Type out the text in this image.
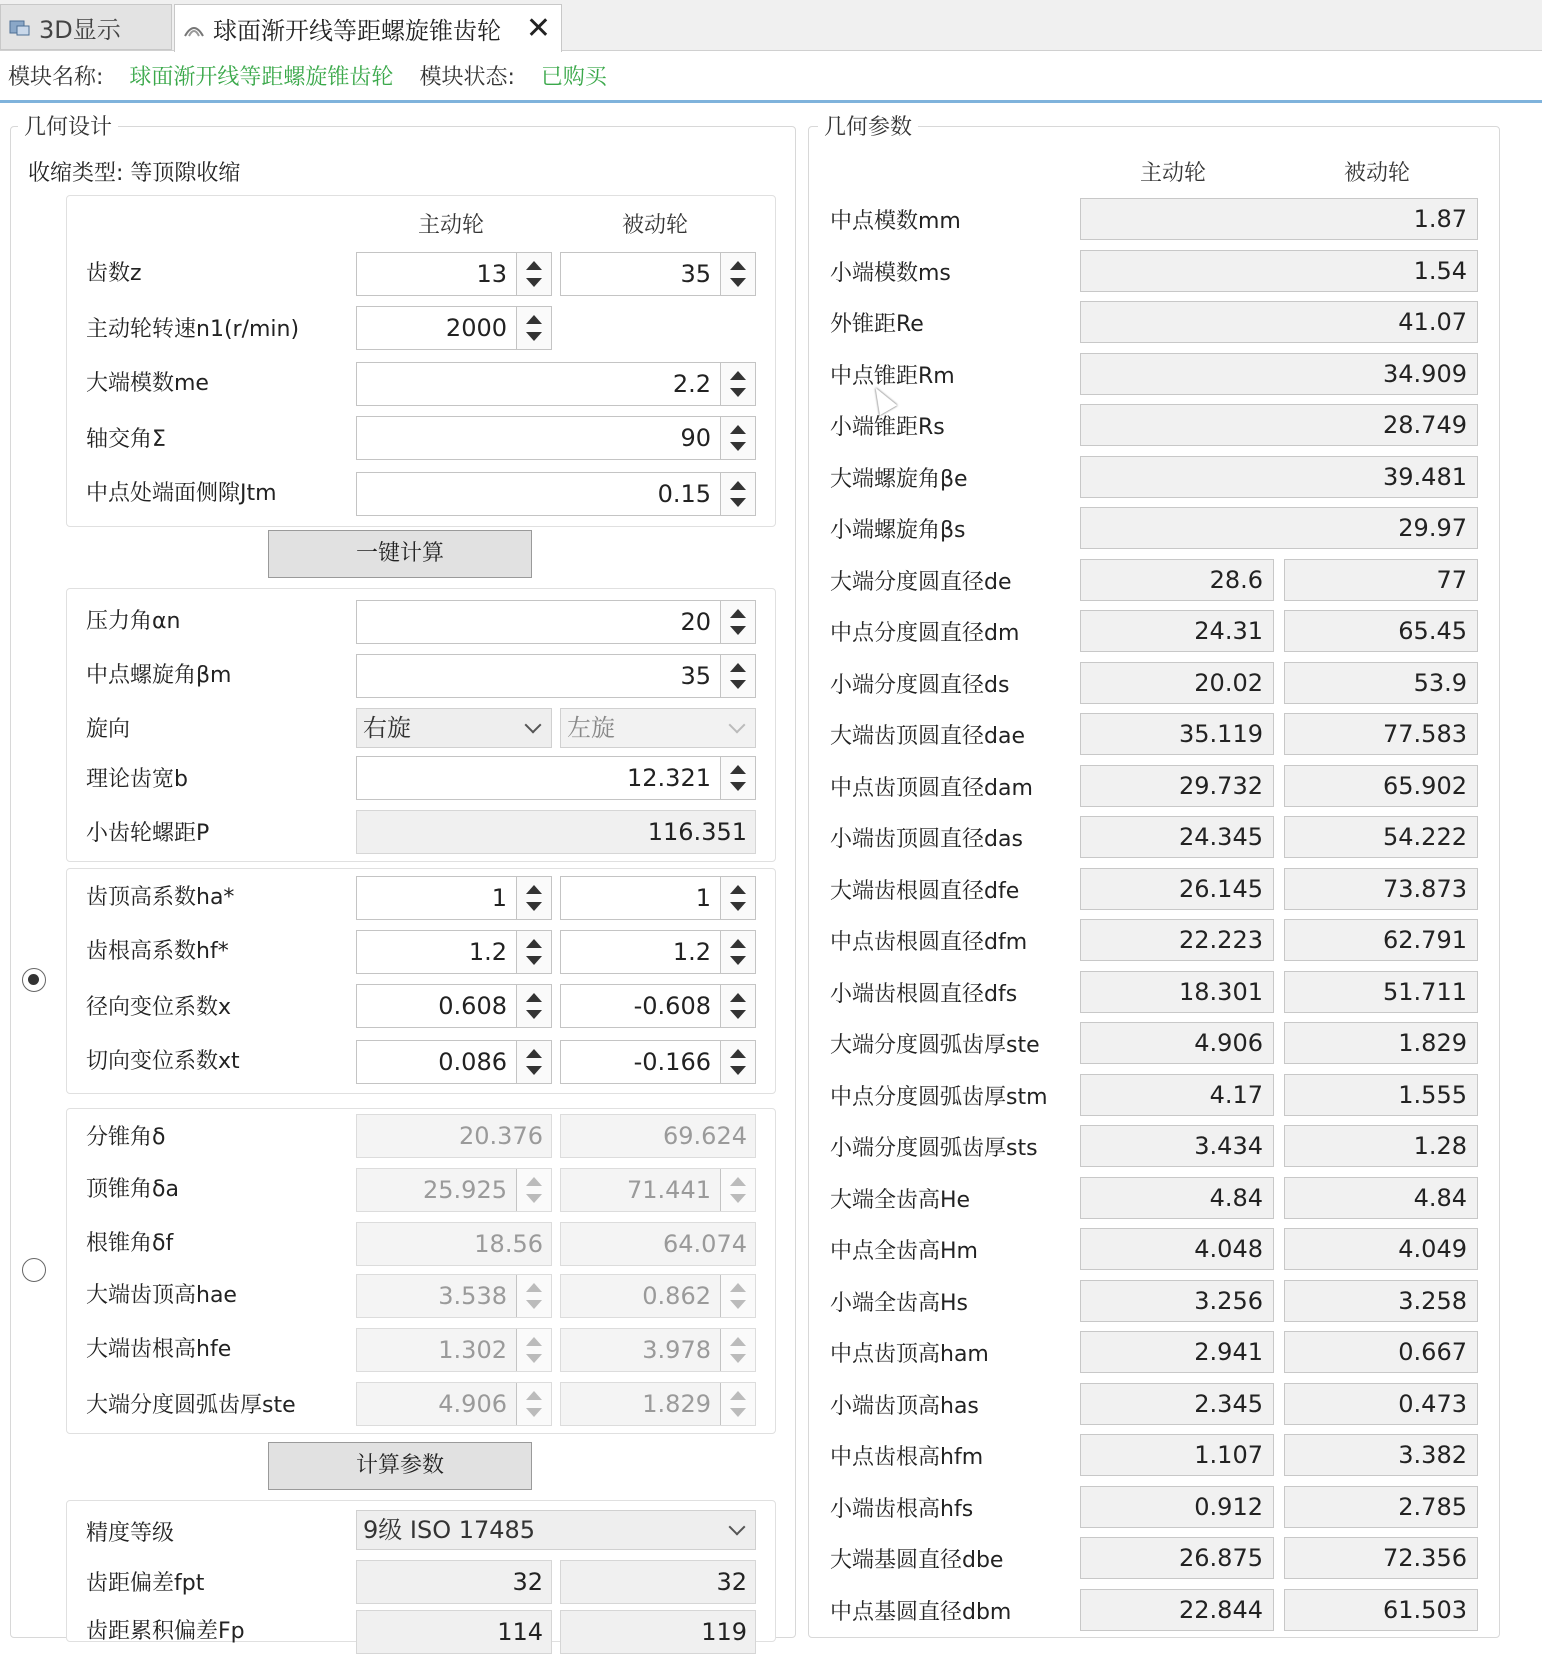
3D显示	球面渐开线等距螺旋锥齿轮 ✕
模块名称: 球面渐开线等距螺旋锥齿轮 模块状态: 已购买
几何设计
收缩类型: 等顶隙收缩
主动轮	被动轮
齿数z	13	35
主动轮转速n1(r/min)	2000
大端模数me	2.2
轴交角Σ	90
中点处端面侧隙Jtm	0.15
一键计算
压力角αn	20
中点螺旋角βm	35
旋向	右旋	左旋
理论齿宽b	12.321
小齿轮螺距P	116.351
齿顶高系数ha*	1	1
齿根高系数hf*	1.2	1.2
径向变位系数x	0.608	-0.608
切向变位系数xt	0.086	-0.166
分锥角δ	20.376	69.624
顶锥角δa	25.925	71.441
根锥角δf	18.56	64.074
大端齿顶高hae	3.538	0.862
大端齿根高hfe	1.302	3.978
大端分度圆弧齿厚ste	4.906	1.829
计算参数
精度等级	9级 ISO 17485
齿距偏差fpt	32	32
齿距累积偏差Fp	114	119
几何参数
主动轮	被动轮
中点模数mm	1.87
小端模数ms	1.54
外锥距Re	41.07
中点锥距Rm	34.909
小端锥距Rs	28.749
大端螺旋角βe	39.481
小端螺旋角βs	29.97
大端分度圆直径de	28.6	77
中点分度圆直径dm	24.31	65.45
小端分度圆直径ds	20.02	53.9
大端齿顶圆直径dae	35.119	77.583
中点齿顶圆直径dam	29.732	65.902
小端齿顶圆直径das	24.345	54.222
大端齿根圆直径dfe	26.145	73.873
中点齿根圆直径dfm	22.223	62.791
小端齿根圆直径dfs	18.301	51.711
大端分度圆弧齿厚ste	4.906	1.829
中点分度圆弧齿厚stm	4.17	1.555
小端分度圆弧齿厚sts	3.434	1.28
大端全齿高He	4.84	4.84
中点全齿高Hm	4.048	4.049
小端全齿高Hs	3.256	3.258
中点齿顶高ham	2.941	0.667
小端齿顶高has	2.345	0.473
中点齿根高hfm	1.107	3.382
小端齿根高hfs	0.912	2.785
大端基圆直径dbe	26.875	72.356
中点基圆直径dbm	22.844	61.503
